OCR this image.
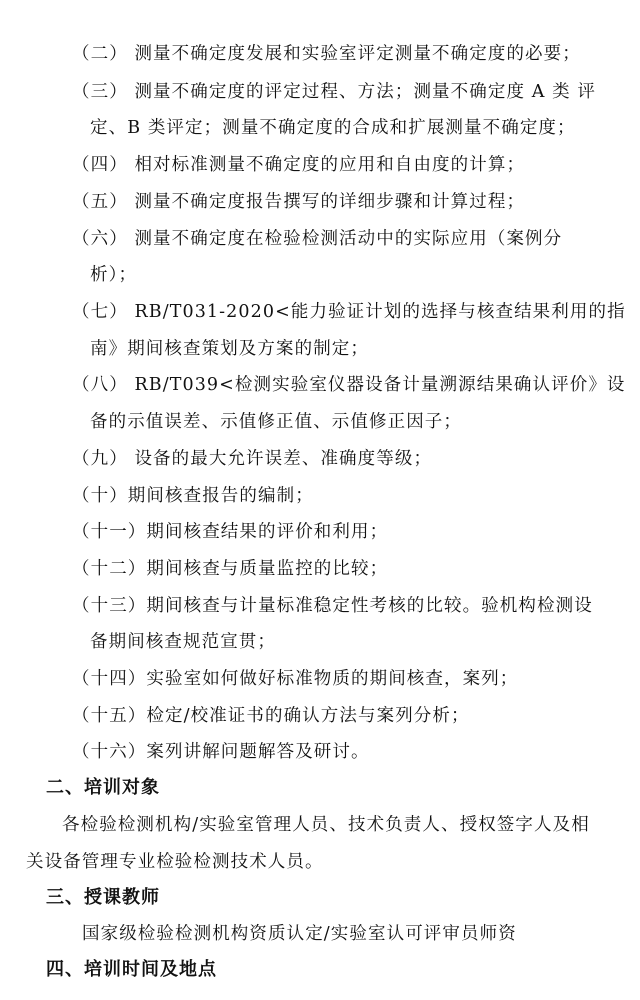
（二） 测量不确定度发展和实验室评定测量不确定度的必要；
（三） 测量不确定度的评定过程、方法；测量不确定度 A 类 评
定、B 类评定；测量不确定度的合成和扩展测量不确定度；
（四） 相对标准测量不确定度的应用和自由度的计算；
（五） 测量不确定度报告撰写的详细步骤和计算过程；
（六） 测量不确定度在检验检测活动中的实际应用（案例分
析）；
（七） RB/T031-2020<能力验证计划的选择与核查结果利用的指
南》期间核查策划及方案的制定；
（八） RB/T039<检测实验室仪器设备计量溯源结果确认评价》设
备的示值误差、示值修正值、示值修正因子；
（九） 设备的最大允许误差、准确度等级；
（十）期间核查报告的编制；
（十一）期间核查结果的评价和利用；
（十二）期间核查与质量监控的比较；
（十三）期间核查与计量标准稳定性考核的比较。验机构检测设
备期间核查规范宣贯；
（十四）实验室如何做好标准物质的期间核查，案列；
（十五）检定/校准证书的确认方法与案列分析；
（十六）案列讲解问题解答及研讨。
二、培训对象
各检验检测机构/实验室管理人员、技术负责人、授权签字人及相
关设备管理专业检验检测技术人员。
三、授课教师
国家级检验检测机构资质认定/实验室认可评审员师资
四、培训时间及地点
